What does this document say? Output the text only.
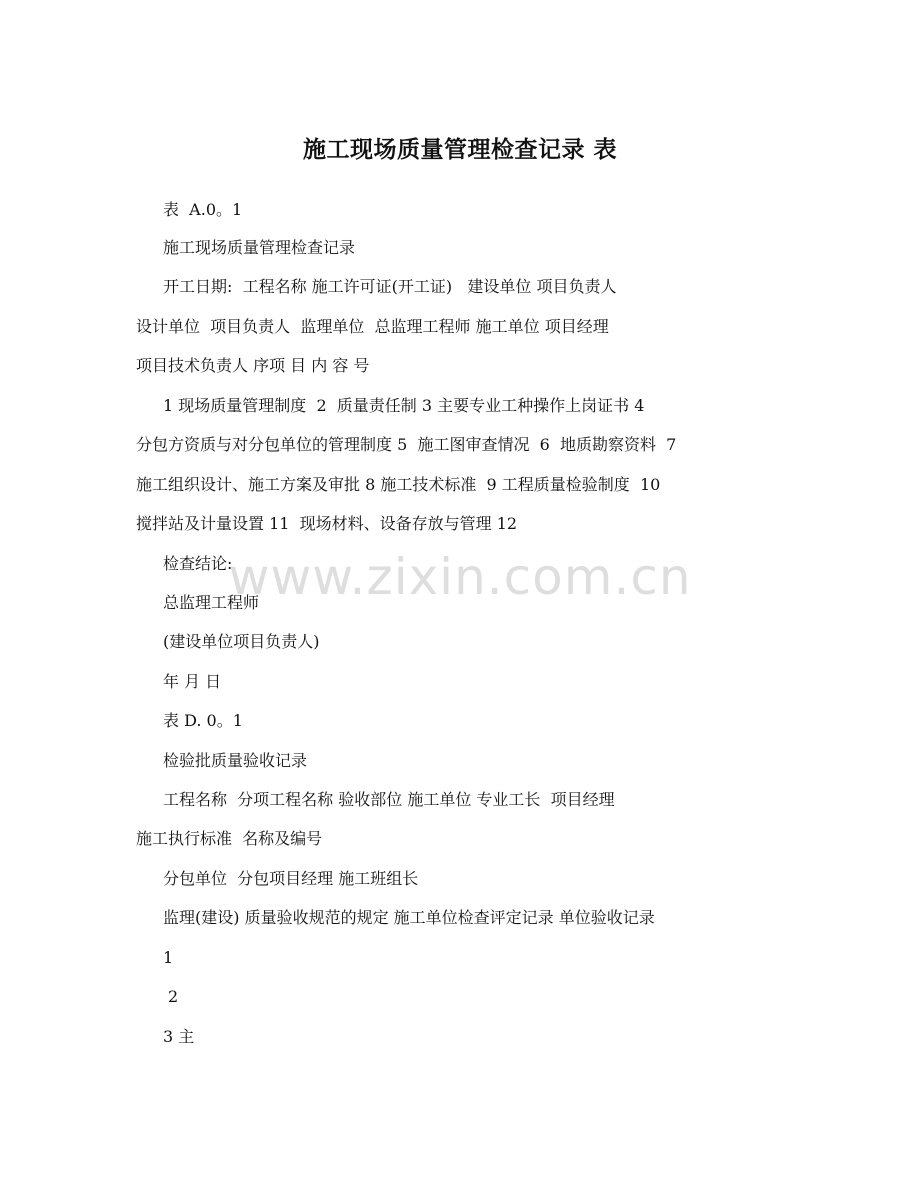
www.zixin.com.cn
施工现场质量管理检查记录 表
表  A.0。1
施工现场质量管理检查记录
开工日期:  工程名称 施工许可证(开工证)   建设单位 项目负责人
设计单位  项目负责人  监理单位  总监理工程师 施工单位 项目经理
项目技术负责人 序项 目 内 容 号
1 现场质量管理制度  2  质量责任制 3 主要专业工种操作上岗证书 4
分包方资质与对分包单位的管理制度 5  施工图审查情况  6  地质勘察资料  7
施工组织设计、施工方案及审批 8 施工技术标准  9 工程质量检验制度  10
搅拌站及计量设置 11  现场材料、设备存放与管理 12
检查结论:
总监理工程师
(建设单位项目负责人)
年 月 日
表 D. 0。1
检验批质量验收记录
工程名称  分项工程名称 验收部位 施工单位 专业工长  项目经理
施工执行标准  名称及编号
分包单位  分包项目经理 施工班组长
监理(建设) 质量验收规范的规定 施工单位检查评定记录 单位验收记录
1
2
3 主
